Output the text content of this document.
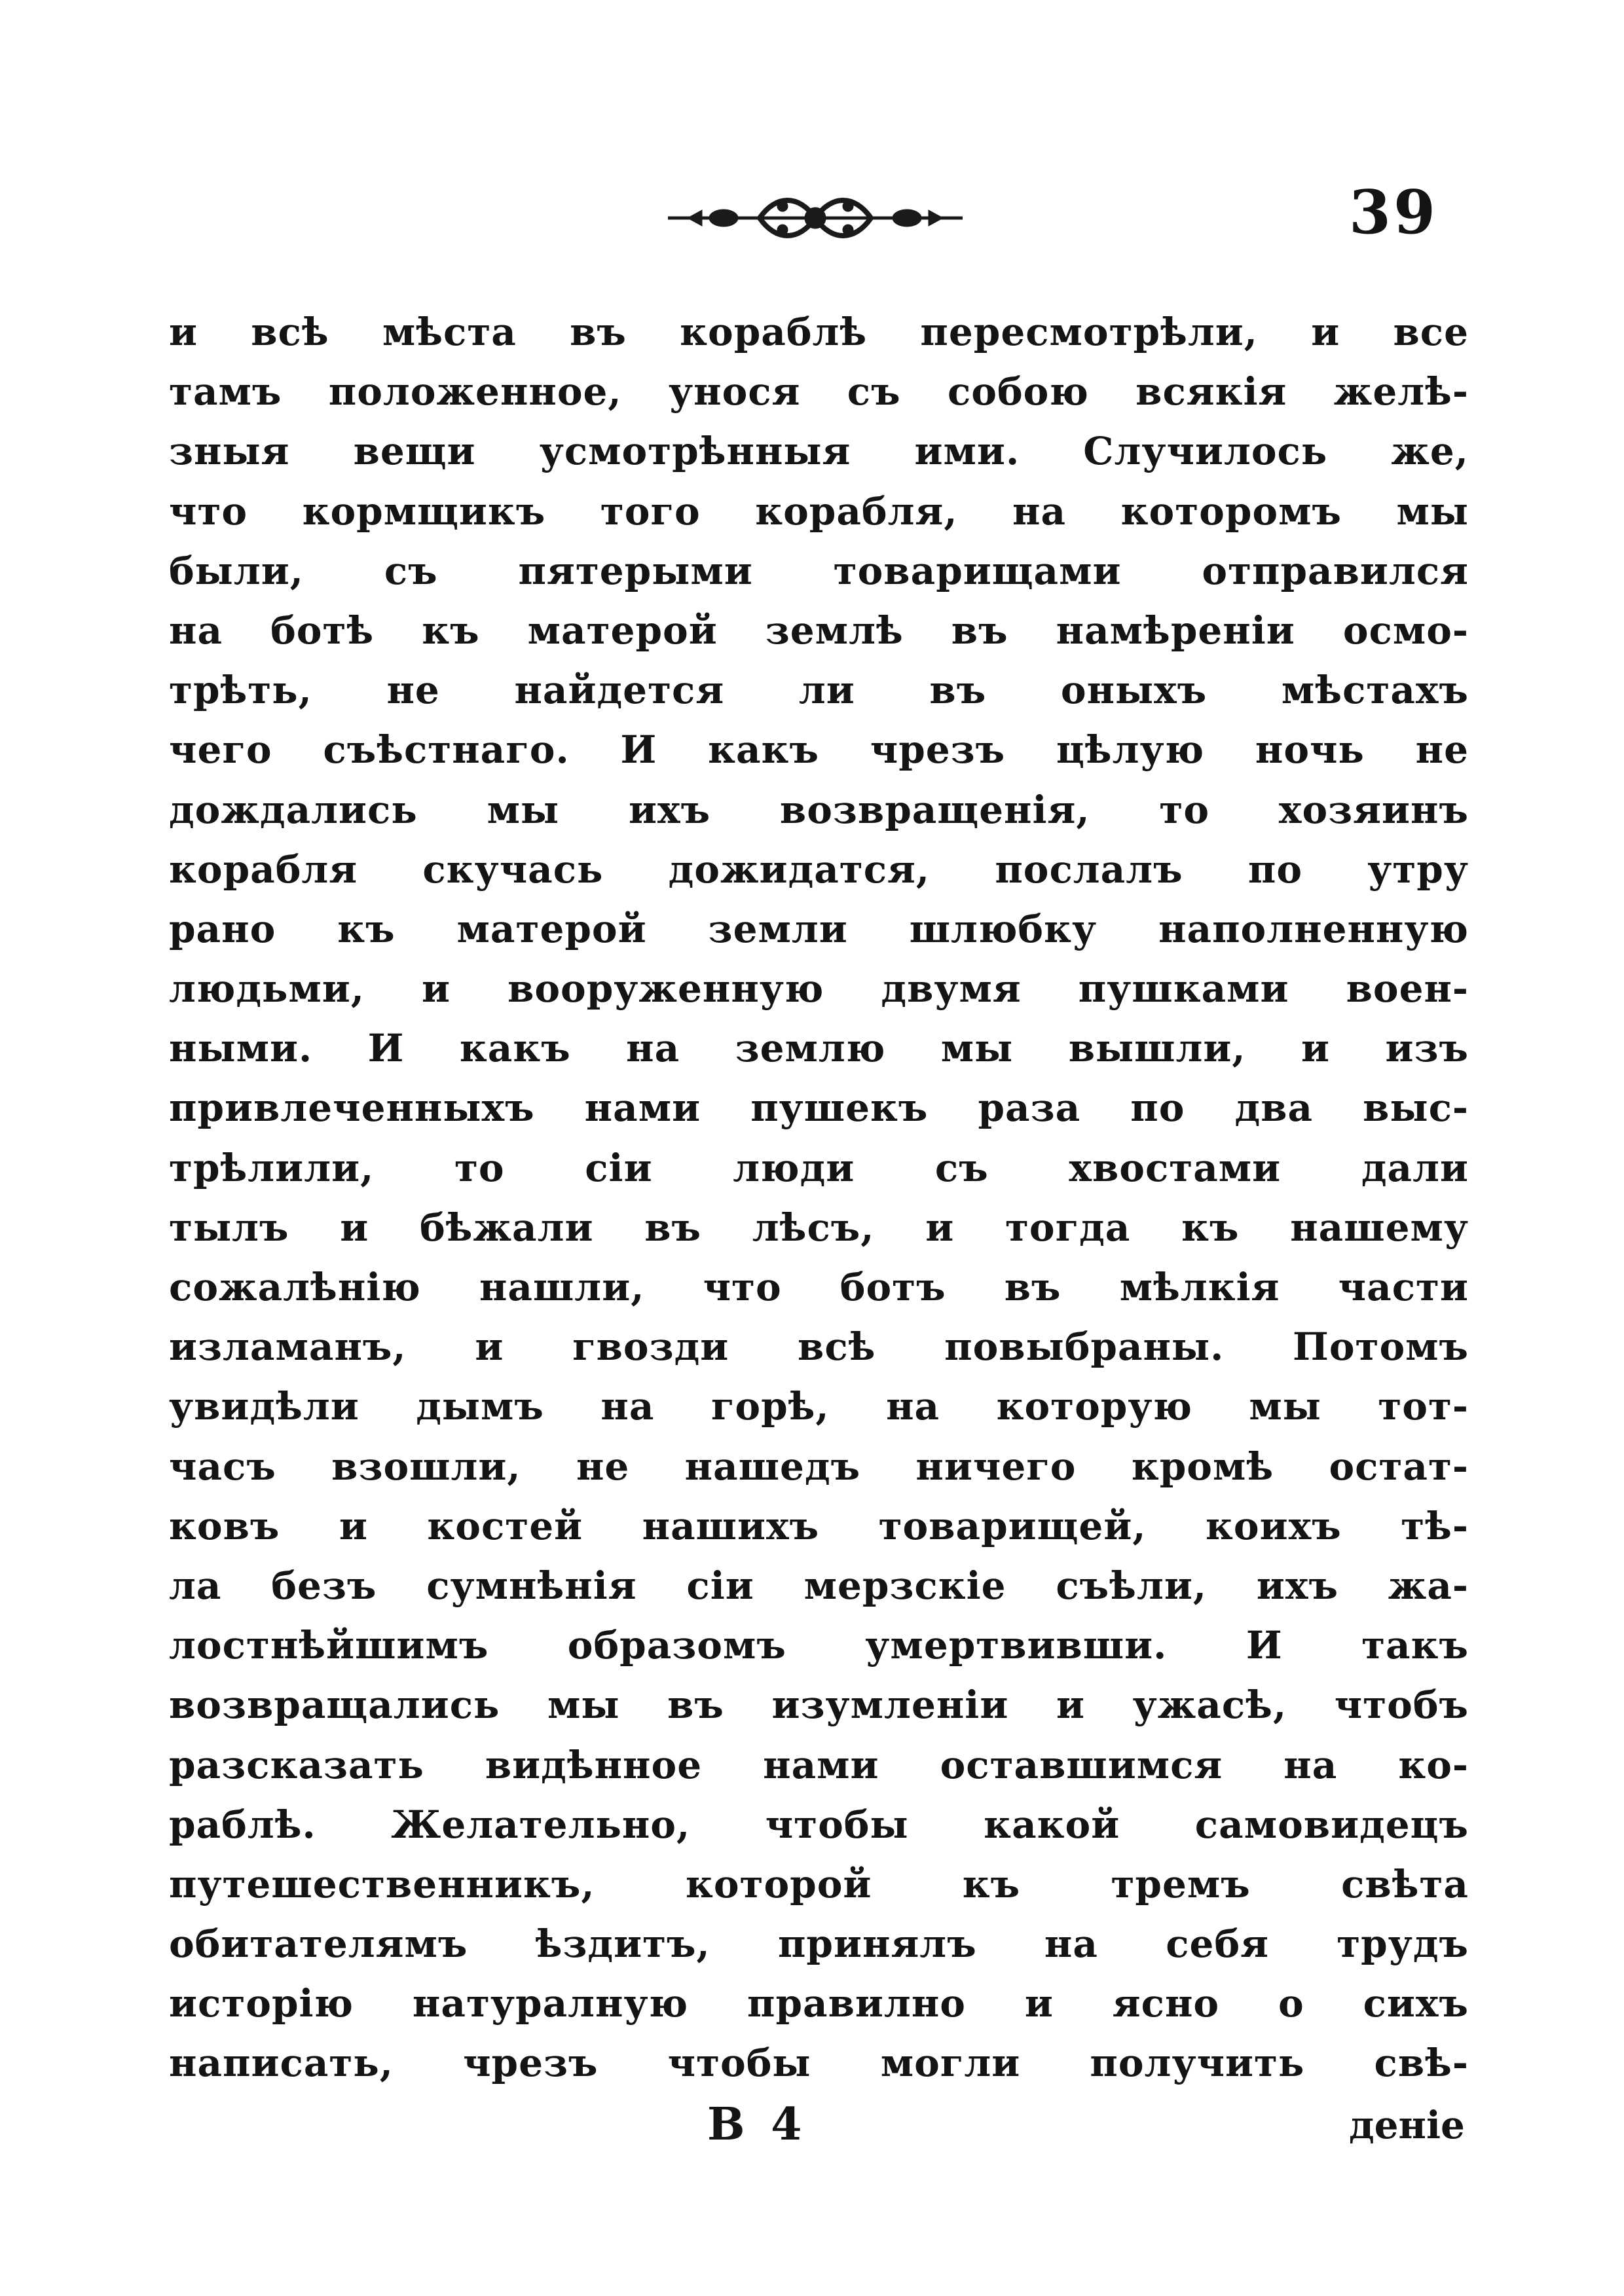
39
и всѣ мѣста въ кораблѣ пересмотрѣли, и все
тамъ положенное, унося съ собою всякія желѣ-
зныя вещи усмотрѣнныя ими. Случилось же,
что кормщикъ того корабля, на которомъ мы
были, съ пятерыми товарищами отправился
на ботѣ къ матерой землѣ въ намѣреніи осмо-
трѣть, не найдется ли въ оныхъ мѣстахъ
чего съѣстнаго. И какъ чрезъ цѣлую ночь не
дождались мы ихъ возвращенія, то хозяинъ
корабля скучась дожидатся, послалъ по утру
рано къ матерой земли шлюбку наполненную
людьми, и вооруженную двумя пушками воен-
ными. И какъ на землю мы вышли, и изъ
привлеченныхъ нами пушекъ раза по два выс-
трѣлили, то сіи люди съ хвостами дали
тылъ и бѣжали въ лѣсъ, и тогда къ нашему
сожалѣнію нашли, что ботъ въ мѣлкія части
изламанъ, и гвозди всѣ повыбраны. Потомъ
увидѣли дымъ на горѣ, на которую мы тот-
часъ взошли, не нашедъ ничего кромѣ остат-
ковъ и костей нашихъ товарищей, коихъ тѣ-
ла безъ сумнѣнія сіи мерзскіе съѣли, ихъ жа-
лостнѣйшимъ образомъ умертвивши. И такъ
возвращались мы въ изумленіи и ужасѣ, чтобъ
разсказать видѣнное нами оставшимся на ко-
раблѣ. Желательно, чтобы какой самовидецъ
путешественникъ, которой къ тремъ свѣта
обитателямъ ѣздитъ, принялъ на себя трудъ
исторію натуралную правилно и ясно о сихъ
написать, чрезъ чтобы могли получить свѣ-
В 4	деніе
